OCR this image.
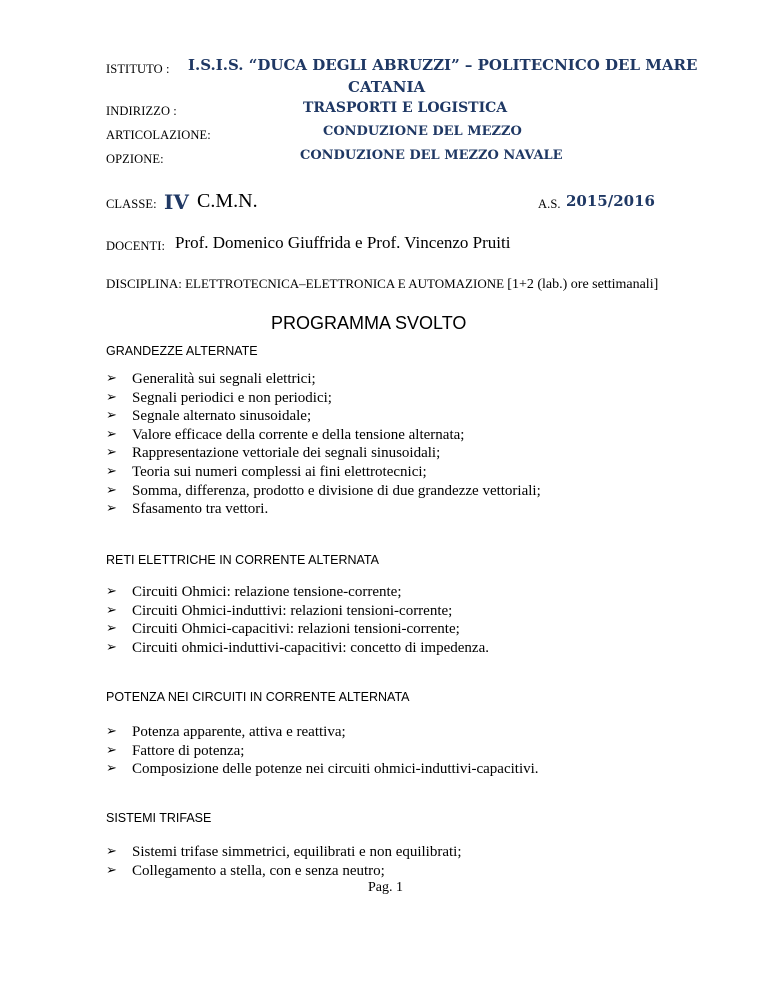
ISTITUTO : I.S.I.S. “DUCA DEGLI ABRUZZI” – POLITECNICO DEL MARE
CATANIA
INDIRIZZO :	TRASPORTI E LOGISTICA
ARTICOLAZIONE:	CONDUZIONE DEL MEZZO
OPZIONE:	CONDUZIONE DEL MEZZO NAVALE
CLASSE: IV C.M.N.	A.S. 2015/2016
DOCENTI: Prof. Domenico Giuffrida e Prof. Vincenzo Pruiti
DISCIPLINA: ELETTROTECNICA–ELETTRONICA E AUTOMAZIONE [1+2 (lab.) ore settimanali]
PROGRAMMA SVOLTO
GRANDEZZE ALTERNATE
➢ Generalità sui segnali elettrici;
➢ Segnali periodici e non periodici;
➢ Segnale alternato sinusoidale;
➢ Valore efficace della corrente e della tensione alternata;
➢ Rappresentazione vettoriale dei segnali sinusoidali;
➢ Teoria sui numeri complessi ai fini elettrotecnici;
➢ Somma, differenza, prodotto e divisione di due grandezze vettoriali;
➢ Sfasamento tra vettori.
RETI ELETTRICHE IN CORRENTE ALTERNATA
➢ Circuiti Ohmici: relazione tensione-corrente;
➢ Circuiti Ohmici-induttivi: relazioni tensioni-corrente;
➢ Circuiti Ohmici-capacitivi: relazioni tensioni-corrente;
➢ Circuiti ohmici-induttivi-capacitivi: concetto di impedenza.
POTENZA NEI CIRCUITI IN CORRENTE ALTERNATA
➢ Potenza apparente, attiva e reattiva;
➢ Fattore di potenza;
➢ Composizione delle potenze nei circuiti ohmici-induttivi-capacitivi.
SISTEMI TRIFASE
➢ Sistemi trifase simmetrici, equilibrati e non equilibrati;
➢ Collegamento a stella, con e senza neutro;
Pag. 1
